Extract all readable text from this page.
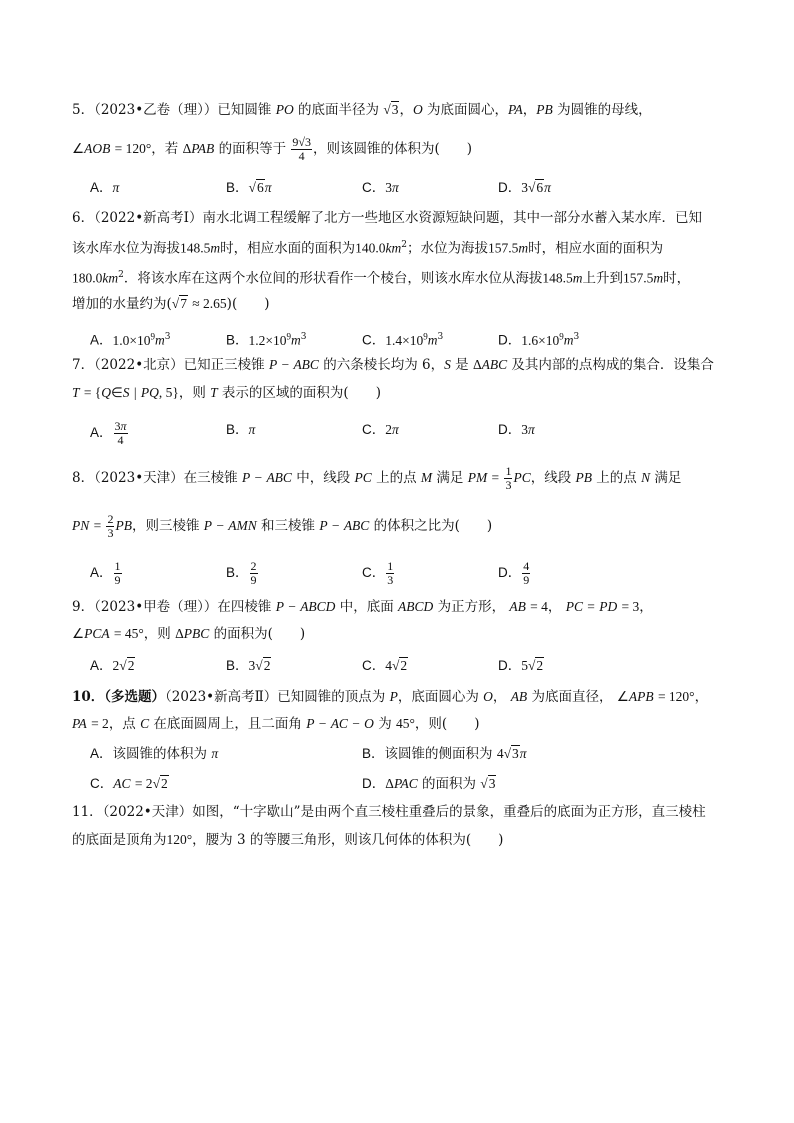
5．（2023•乙卷（理））已知圆锥 PO 的底面半径为 √3，O 为底面圆心，PA，PB 为圆锥的母线，
∠AOB = 120°，若 ΔPAB 的面积等于 $\frac{9√3}{4}$ ，则该圆锥的体积为(　　)
A．π	B．√6π	C．3π	D．3√6π
6．（2022•新高考Ⅰ）南水北调工程缓解了北方一些地区水资源短缺问题，其中一部分水蓄入某水库．已知
该水库水位为海拔148.5m时，相应水面的面积为$140.0km^2$；水位为海拔157.5m时，相应水面的面积为
$180.0km^2$．将该水库在这两个水位间的形状看作一个棱台，则该水库水位从海拔148.5m上升到157.5m时，
增加的水量约为(√7 ≈ 2.65)(　　)
A．$1.0\times 10^9m^3$	B．$1.2\times 10^9m^3$	C．$1.4\times 10^9m^3$	D．$1.6\times 10^9m^3$
7．（2022•北京）已知正三棱锥 P − ABC 的六条棱长均为 6，S 是 ΔABC 及其内部的点构成的集合．设集合
T = {Q∈S | PQ, 5}，则 T 表示的区域的面积为(　　)
A． $\frac{3\pi}{4}$	B．π	C．2π	D．3π
8．（2023•天津）在三棱锥 P − ABC 中，线段 PC 上的点 M 满足 PM = $\frac{1}{3}$ PC，线段 PB 上的点 N 满足
PN = $\frac{2}{3}$ PB，则三棱锥 P − AMN 和三棱锥 P − ABC 的体积之比为(　　)
A． $\frac{1}{9}$	B． $\frac{2}{9}$	C． $\frac{1}{3}$	D． $\frac{4}{9}$
9．（2023•甲卷（理））在四棱锥 P − ABCD 中，底面 ABCD 为正方形， AB = 4， PC = PD = 3，
∠PCA = 45°，则 ΔPBC 的面积为(　　)
A．2√2	B．3√2	C．4√2	D．5√2
10．（多选题）（2023•新高考Ⅱ）已知圆锥的顶点为 P，底面圆心为 O， AB 为底面直径， ∠APB = 120°，
PA = 2，点 C 在底面圆周上，且二面角 P − AC − O 为 45°，则(　　)
A．该圆锥的体积为 π	B．该圆锥的侧面积为 4√3π
C．AC = 2√2	D．ΔPAC 的面积为 √3
11．（2022•天津）如图，“十字歇山”是由两个直三棱柱重叠后的景象，重叠后的底面为正方形，直三棱柱
的底面是顶角为120°，腰为 3 的等腰三角形，则该几何体的体积为(　　)
